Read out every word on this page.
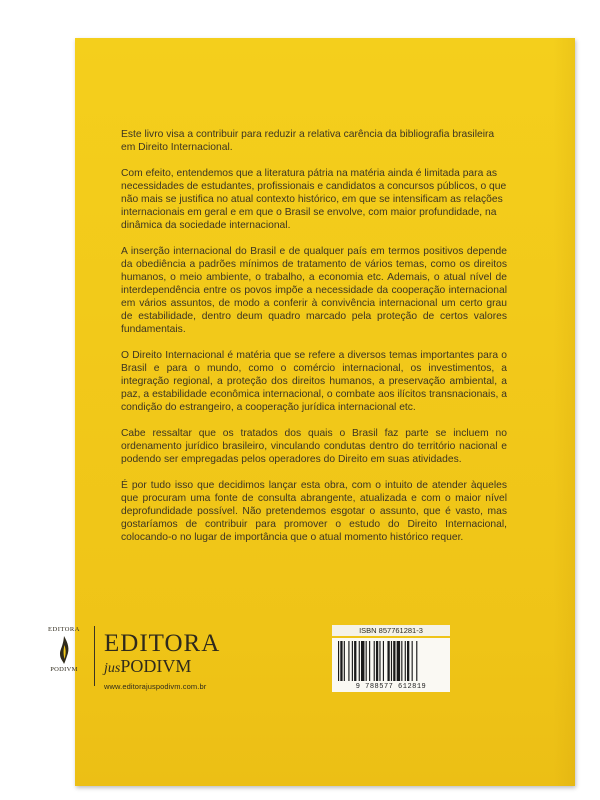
Este livro visa a contribuir para reduzir a relativa carência da bibliografia brasileira em Direito Internacional.

Com efeito, entendemos que a literatura pátria na matéria ainda é limitada para as necessidades de estudantes, profissionais e candidatos a concursos públicos, o que não mais se justifica no atual contexto histórico, em que se intensificam as relações internacionais em geral e em que o Brasil se envolve, com maior profundidade, na dinâmica da sociedade internacional.

A inserção internacional do Brasil e de qualquer país em termos positivos depende da obediência a padrões mínimos de tratamento de vários temas, como os direitos humanos, o meio ambiente, o trabalho, a economia etc. Ademais, o atual nível de interdependência entre os povos impõe a necessidade da cooperação internacional em vários assuntos, de modo a conferir à convivência internacional um certo grau de estabilidade, dentro deum quadro marcado pela proteção de certos valores fundamentais.

O Direito Internacional é matéria que se refere a diversos temas importantes para o Brasil e para o mundo, como o comércio internacional, os investimentos, a integração regional, a proteção dos direitos humanos, a preservação ambiental, a paz, a estabilidade econômica internacional, o combate aos ilícitos transnacionais, a condição do estrangeiro, a cooperação jurídica internacional etc.

Cabe ressaltar que os tratados dos quais o Brasil faz parte se incluem no ordenamento jurídico brasileiro, vinculando condutas dentro do território nacional e podendo ser empregadas pelos operadores do Direito em suas atividades.

É por tudo isso que decidimos lançar esta obra, com o intuito de atender àqueles que procuram uma fonte de consulta abrangente, atualizada e com o maior nível deprofundidade possível. Não pretendemos esgotar o assunto, que é vasto, mas gostaríamos de contribuir para promover o estudo do Direito Internacional, colocando-o no lugar de importância que o atual momento histórico requer.

EDITORA
PODIVM
EDITORA
jusPODIVM
www.editorajuspodivm.com.br
ISBN 857761281-3
9 788577 612819
